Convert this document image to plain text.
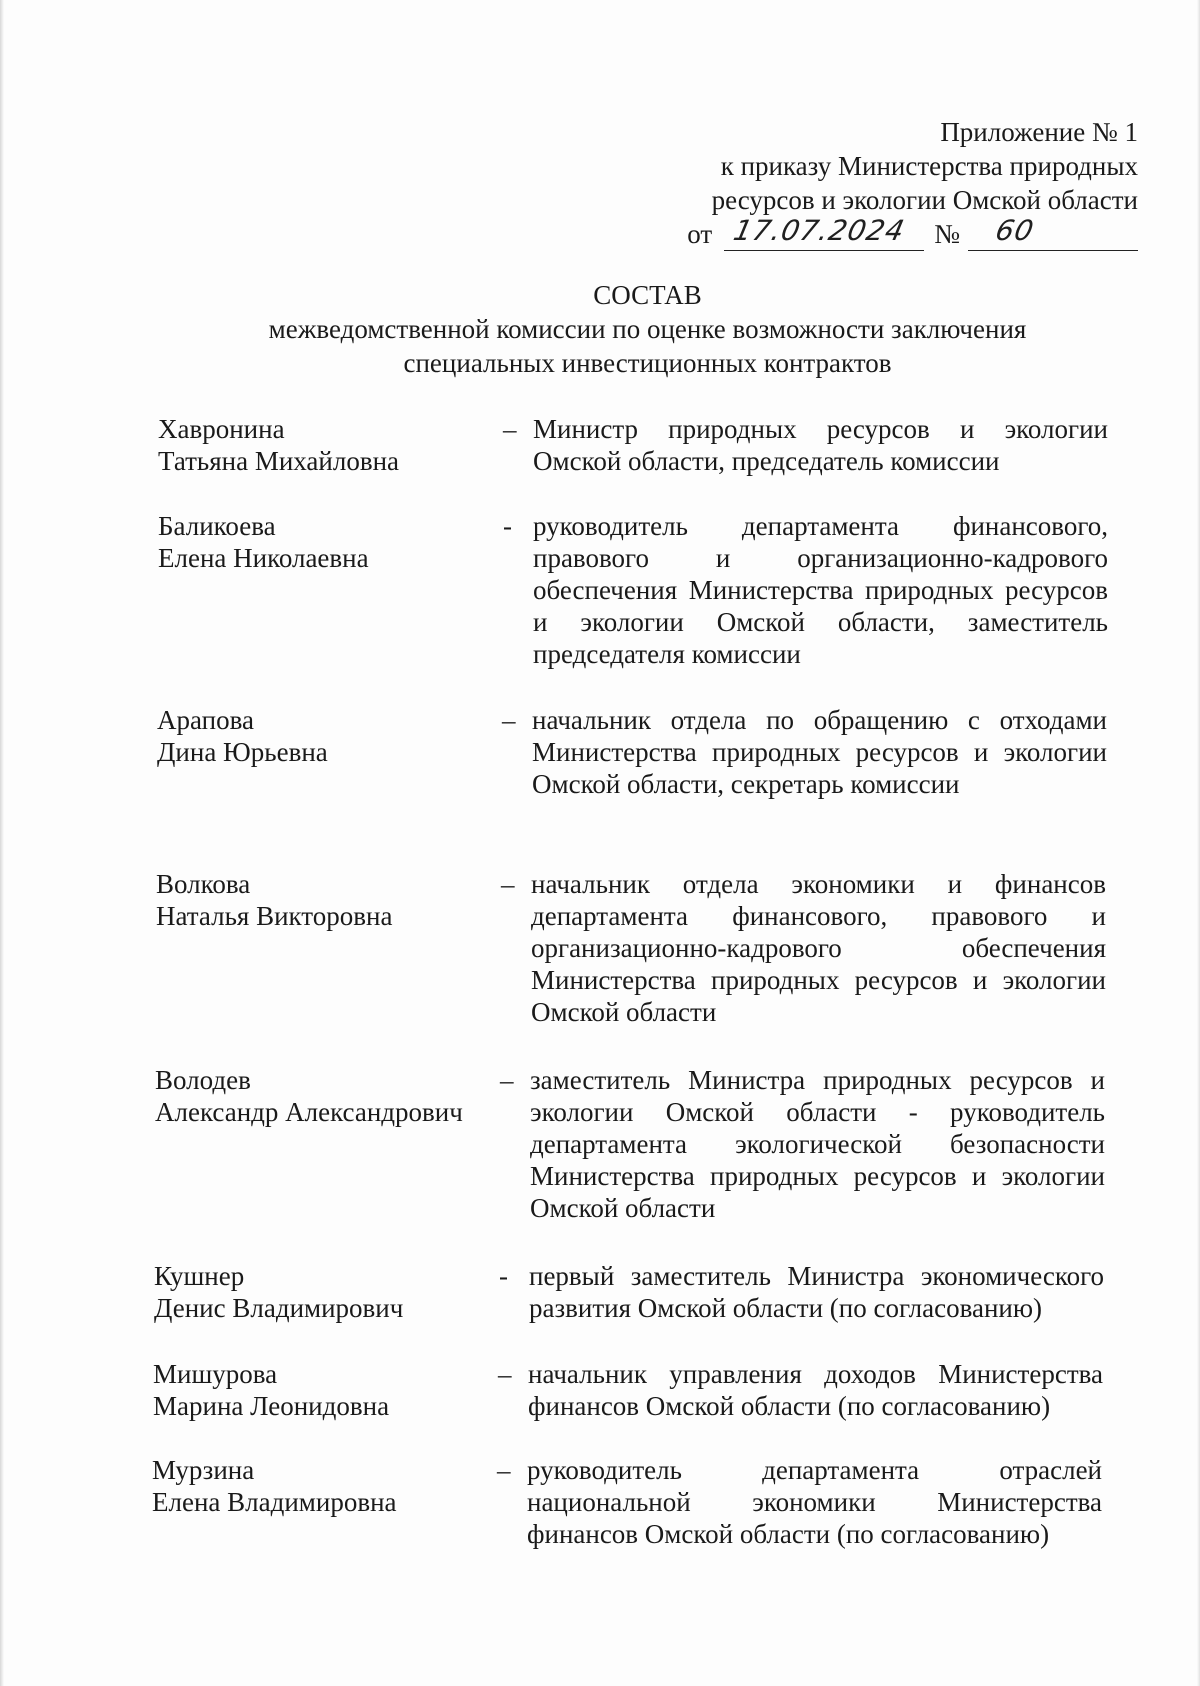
Приложение № 1
к приказу Министерства природных
ресурсов и экологии Омской области
от 17.07.2024 № 60
СОСТАВ
межведомственной комиссии по оценке возможности заключения
специальных инвестиционных контрактов
Хавронина
Татьяна Михайловна
– Министр природных ресурсов и экологии Омской области, председатель комиссии
Баликоева
Елена Николаевна
- руководитель департамента финансового, правового и организационно-кадрового обеспечения Министерства природных ресурсов и экологии Омской области, заместитель председателя комиссии
Арапова
Дина Юрьевна
– начальник отдела по обращению с отходами Министерства природных ресурсов и экологии Омской области, секретарь комиссии
Волкова
Наталья Викторовна
– начальник отдела экономики и финансов департамента финансового, правового и организационно-кадрового обеспечения Министерства природных ресурсов и экологии Омской области
Володев
Александр Александрович
– заместитель Министра природных ресурсов и экологии Омской области - руководитель департамента экологической безопасности Министерства природных ресурсов и экологии Омской области
Кушнер
Денис Владимирович
- первый заместитель Министра экономического развития Омской области (по согласованию)
Мишурова
Марина Леонидовна
– начальник управления доходов Министерства финансов Омской области (по согласованию)
Мурзина
Елена Владимировна
– руководитель департамента отраслей национальной экономики Министерства финансов Омской области (по согласованию)
